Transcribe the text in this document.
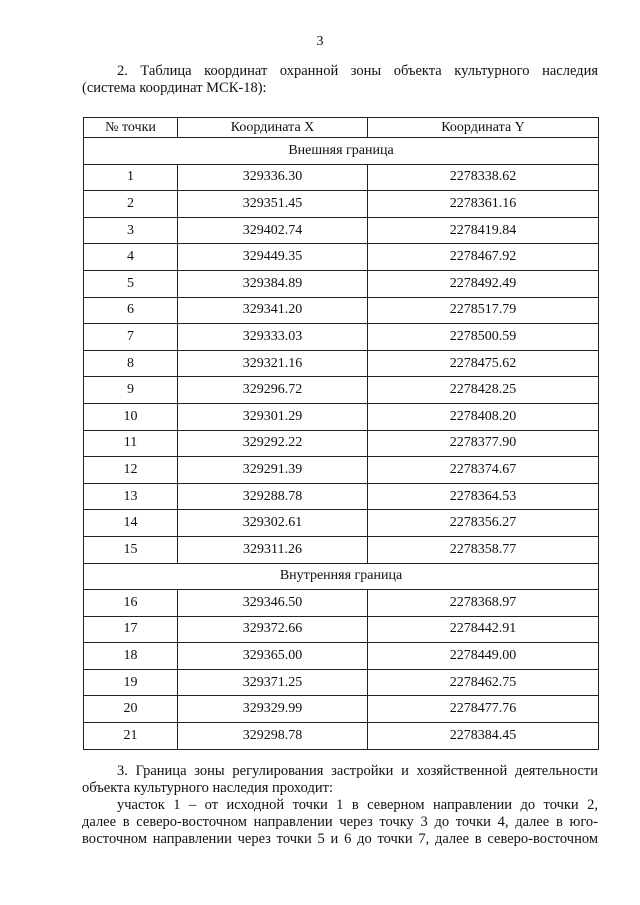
3
2. Таблица координат охранной зоны объекта культурного наследия
(система координат МСК-18):
№ точки	Координата X	Координата Y
Внешняя граница		
1	329336.30	2278338.62
2	329351.45	2278361.16
3	329402.74	2278419.84
4	329449.35	2278467.92
5	329384.89	2278492.49
6	329341.20	2278517.79
7	329333.03	2278500.59
8	329321.16	2278475.62
9	329296.72	2278428.25
10	329301.29	2278408.20
11	329292.22	2278377.90
12	329291.39	2278374.67
13	329288.78	2278364.53
14	329302.61	2278356.27
15	329311.26	2278358.77
Внутренняя граница		
16	329346.50	2278368.97
17	329372.66	2278442.91
18	329365.00	2278449.00
19	329371.25	2278462.75
20	329329.99	2278477.76
21	329298.78	2278384.45
3. Граница зоны регулирования застройки и хозяйственной деятельности
объекта культурного наследия проходит:
участок 1 – от исходной точки 1 в северном направлении до точки 2,
далее в северо-восточном направлении через точку 3 до точки 4, далее в юго-
восточном направлении через точки 5 и 6 до точки 7, далее в северо-восточном
